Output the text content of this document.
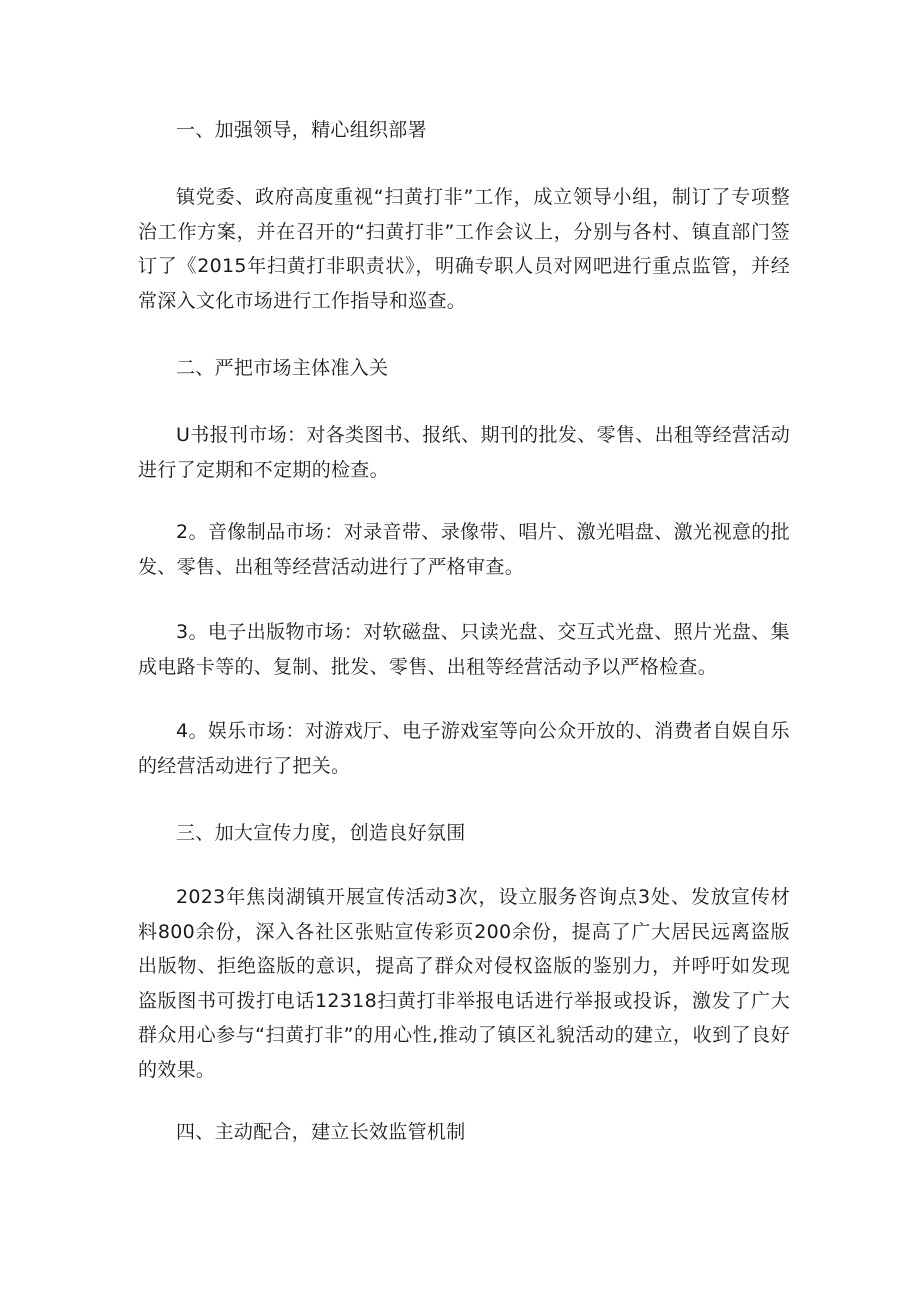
一、加强领导，精心组织部署

镇党委、政府高度重视“扫黄打非”工作，成立领导小组，制订了专项整治工作方案，并在召开的“扫黄打非”工作会议上，分别与各村、镇直部门签订了《2015年扫黄打非职责状》，明确专职人员对网吧进行重点监管，并经常深入文化市场进行工作指导和巡查。

二、严把市场主体准入关

U书报刊市场：对各类图书、报纸、期刊的批发、零售、出租等经营活动进行了定期和不定期的检查。

2。音像制品市场：对录音带、录像带、唱片、激光唱盘、激光视意的批发、零售、出租等经营活动进行了严格审查。

3。电子出版物市场：对软磁盘、只读光盘、交互式光盘、照片光盘、集成电路卡等的、复制、批发、零售、出租等经营活动予以严格检查。

4。娱乐市场：对游戏厅、电子游戏室等向公众开放的、消费者自娱自乐的经营活动进行了把关。

三、加大宣传力度，创造良好氛围

2023年焦岗湖镇开展宣传活动3次，设立服务咨询点3处、发放宣传材料800余份，深入各社区张贴宣传彩页200余份，提高了广大居民远离盗版出版物、拒绝盗版的意识，提高了群众对侵权盗版的鉴别力，并呼吁如发现盗版图书可拨打电话12318扫黄打非举报电话进行举报或投诉，激发了广大群众用心参与“扫黄打非”的用心性,推动了镇区礼貌活动的建立，收到了良好的效果。

四、主动配合，建立长效监管机制
